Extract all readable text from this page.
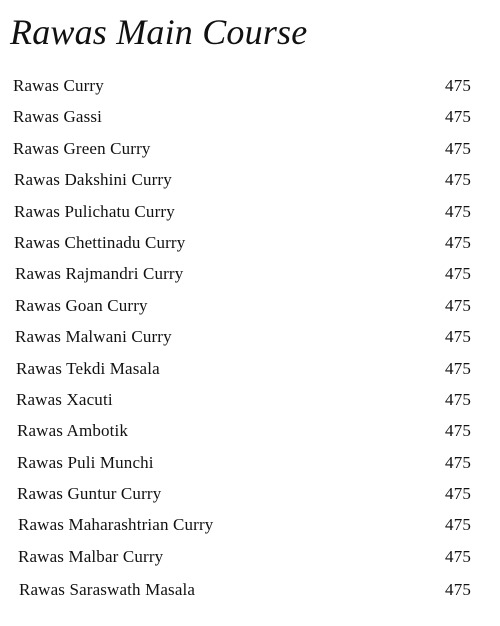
Rawas Main Course
Rawas Curry	475
Rawas Gassi	475
Rawas Green Curry	475
Rawas Dakshini Curry	475
Rawas Pulichatu Curry	475
Rawas Chettinadu Curry	475
Rawas Rajmandri Curry	475
Rawas Goan Curry	475
Rawas Malwani Curry	475
Rawas Tekdi Masala	475
Rawas Xacuti	475
Rawas Ambotik	475
Rawas Puli Munchi	475
Rawas Guntur Curry	475
Rawas Maharashtrian Curry	475
Rawas Malbar Curry	475
Rawas Saraswath Masala	475
